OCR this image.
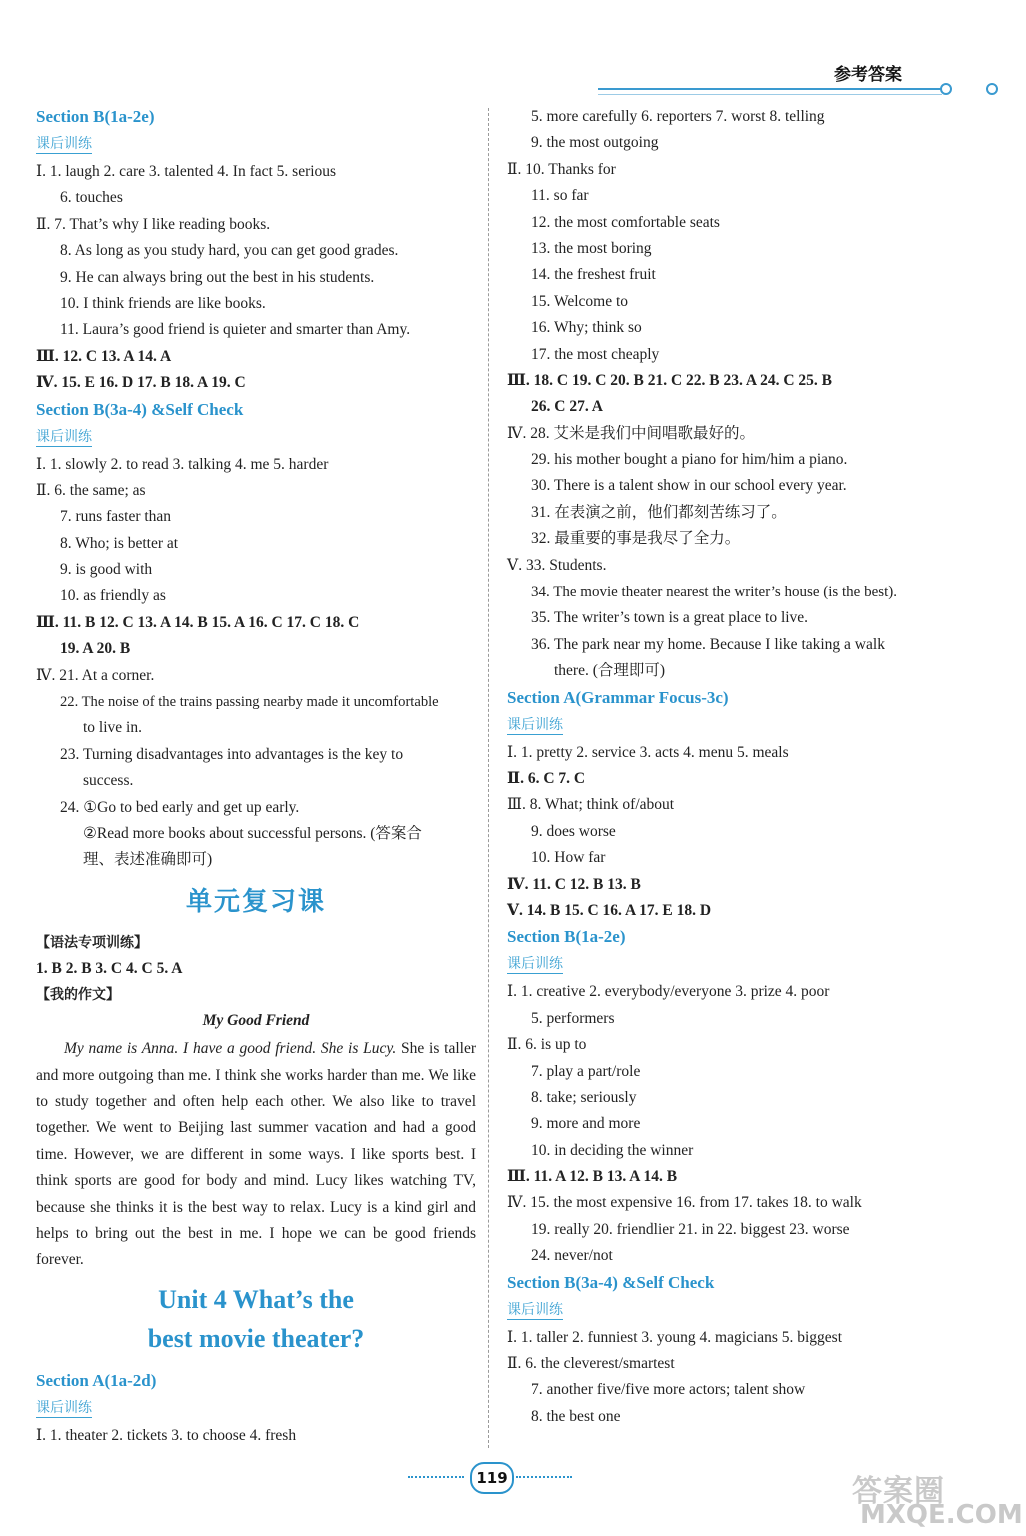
参考答案
Section B(1a-2e)
课后训练
Ⅰ. 1. laugh 2. care 3. talented 4. In fact 5. serious
6. touches
Ⅱ. 7. That’s why I like reading books.
8. As long as you study hard, you can get good grades.
9. He can always bring out the best in his students.
10. I think friends are like books.
11. Laura’s good friend is quieter and smarter than Amy.
Ⅲ. 12. C 13. A 14. A
Ⅳ. 15. E 16. D 17. B 18. A 19. C
Section B(3a-4) &Self Check
课后训练
Ⅰ. 1. slowly 2. to read 3. talking 4. me 5. harder
Ⅱ. 6. the same; as
7. runs faster than
8. Who; is better at
9. is good with
10. as friendly as
Ⅲ. 11. B 12. C 13. A 14. B 15. A 16. C 17. C 18. C
19. A 20. B
Ⅳ. 21. At a corner.
22. The noise of the trains passing nearby made it uncomfortable
to live in.
23. Turning disadvantages into advantages is the key to
success.
24. ①Go to bed early and get up early.
②Read more books about successful persons. (答案合
理、表述准确即可)
单元复习课
【语法专项训练】
1. B 2. B 3. C 4. C 5. A
【我的作文】
My Good Friend

My name is Anna. I have a good friend. She is Lucy. She is taller and more outgoing than me. I think she works harder than me. We like to study together and often help each other. We also like to travel together. We went to Beijing last summer vacation and had a good time. However, we are different in some ways. I like sports best. I think sports are good for body and mind. Lucy likes watching TV, because she thinks it is the best way to relax. Lucy is a kind girl and helps to bring out the best in me. I hope we can be good friends forever.

Unit 4 What’s the
best movie theater?
Section A(1a-2d)
课后训练
Ⅰ. 1. theater 2. tickets 3. to choose 4. fresh
5. more carefully 6. reporters 7. worst 8. telling
9. the most outgoing
Ⅱ. 10. Thanks for
11. so far
12. the most comfortable seats
13. the most boring
14. the freshest fruit
15. Welcome to
16. Why; think so
17. the most cheaply
Ⅲ. 18. C 19. C 20. B 21. C 22. B 23. A 24. C 25. B
26. C 27. A
Ⅳ. 28. 艾米是我们中间唱歌最好的。
29. his mother bought a piano for him/him a piano.
30. There is a talent show in our school every year.
31. 在表演之前，他们都刻苦练习了。
32. 最重要的事是我尽了全力。
Ⅴ. 33. Students.
34. The movie theater nearest the writer’s house (is the best).
35. The writer’s town is a great place to live.
36. The park near my home. Because I like taking a walk
there. (合理即可)
Section A(Grammar Focus-3c)
课后训练
Ⅰ. 1. pretty 2. service 3. acts 4. menu 5. meals
Ⅱ. 6. C 7. C
Ⅲ. 8. What; think of/about
9. does worse
10. How far
Ⅳ. 11. C 12. B 13. B
Ⅴ. 14. B 15. C 16. A 17. E 18. D
Section B(1a-2e)
课后训练
Ⅰ. 1. creative 2. everybody/everyone 3. prize 4. poor
5. performers
Ⅱ. 6. is up to
7. play a part/role
8. take; seriously
9. more and more
10. in deciding the winner
Ⅲ. 11. A 12. B 13. A 14. B
Ⅳ. 15. the most expensive 16. from 17. takes 18. to walk
19. really 20. friendlier 21. in 22. biggest 23. worse
24. never/not
Section B(3a-4) &Self Check
课后训练
Ⅰ. 1. taller 2. funniest 3. young 4. magicians 5. biggest
Ⅱ. 6. the cleverest/smartest
7. another five/five more actors; talent show
8. the best one
119	答案圈
MXQE.COM
